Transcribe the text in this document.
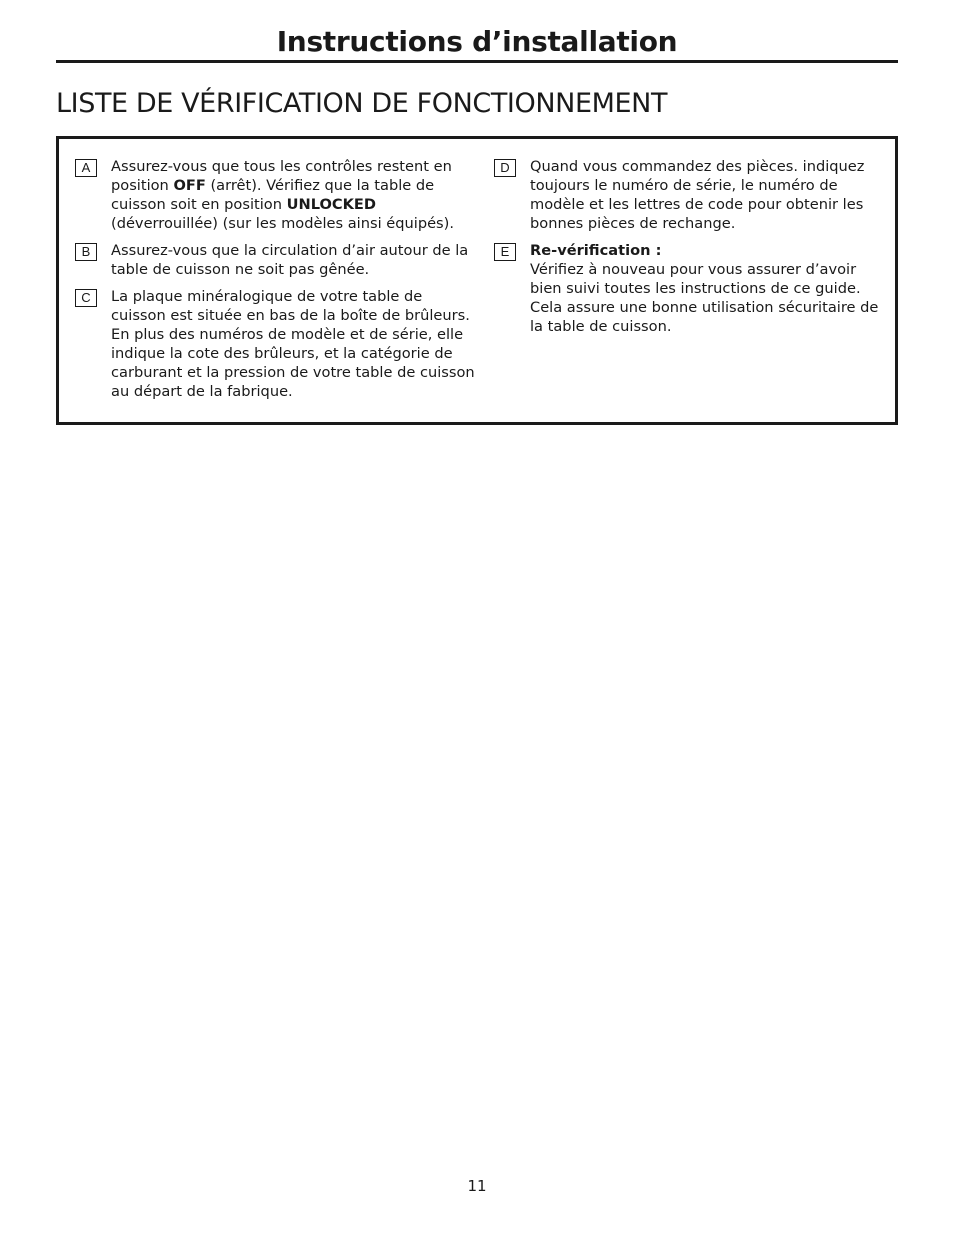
Instructions d’installation
LISTE DE VÉRIFICATION DE FONCTIONNEMENT
A	Assurez-vous que tous les contrôles restent en position OFF (arrêt). Vérifiez que la table de cuisson soit en position UNLOCKED (déverrouillée) (sur les modèles ainsi équipés).
B	Assurez-vous que la circulation d’air autour de la table de cuisson ne soit pas gênée.
C	La plaque minéralogique de votre table de cuisson est située en bas de la boîte de brûleurs. En plus des numéros de modèle et de série, elle indique la cote des brûleurs, et la catégorie de carburant et la pression de votre table de cuisson au départ de la fabrique.
D	Quand vous commandez des pièces. indiquez toujours le numéro de série, le numéro de modèle et les lettres de code pour obtenir les bonnes pièces de rechange.
E	Re-vérification :
Vérifiez à nouveau pour vous assurer d’avoir bien suivi toutes les instructions de ce guide. Cela assure une bonne utilisation sécuritaire de la table de cuisson.
11
